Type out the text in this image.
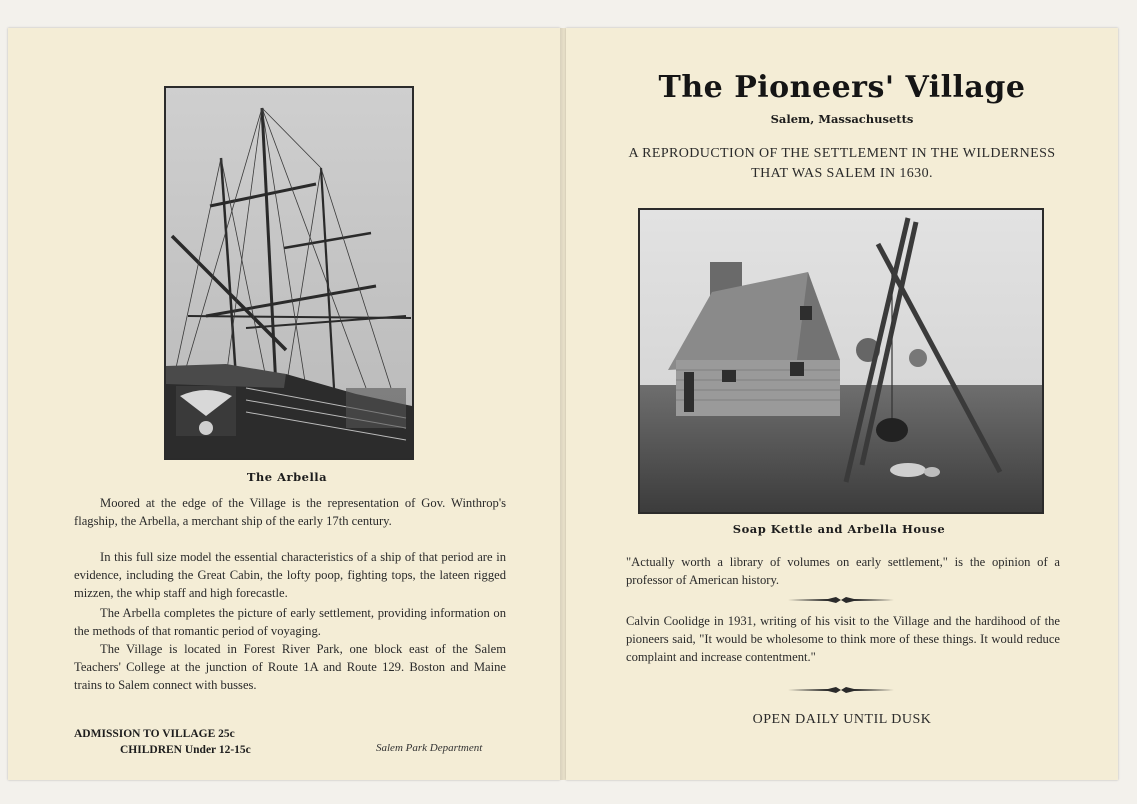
The Arbella

Moored at the edge of the Village is the representation of Gov. Winthrop's flagship, the Arbella, a merchant ship of the early 17th century.

In this full size model the essential characteristics of a ship of that period are in evidence, including the Great Cabin, the lofty poop, fighting tops, the lateen rigged mizzen, the whip staff and high forecastle.

The Arbella completes the picture of early settlement, providing information on the methods of that romantic period of voyaging.

The Village is located in Forest River Park, one block east of the Salem Teachers' College at the junction of Route 1A and Route 129. Boston and Maine trains to Salem connect with busses.

ADMISSION TO VILLAGE 25c
CHILDREN Under 12-15c	Salem Park Department
The Pioneers' Village
Salem, Massachusetts
A REPRODUCTION OF THE SETTLEMENT IN THE WILDERNESS THAT WAS SALEM IN 1630.
Soap Kettle and Arbella House

"Actually worth a library of volumes on early settlement," is the opinion of a professor of American history.

Calvin Coolidge in 1931, writing of his visit to the Village and the hardihood of the pioneers said, "It would be wholesome to think more of these things. It would reduce complaint and increase contentment."

OPEN DAILY UNTIL DUSK
